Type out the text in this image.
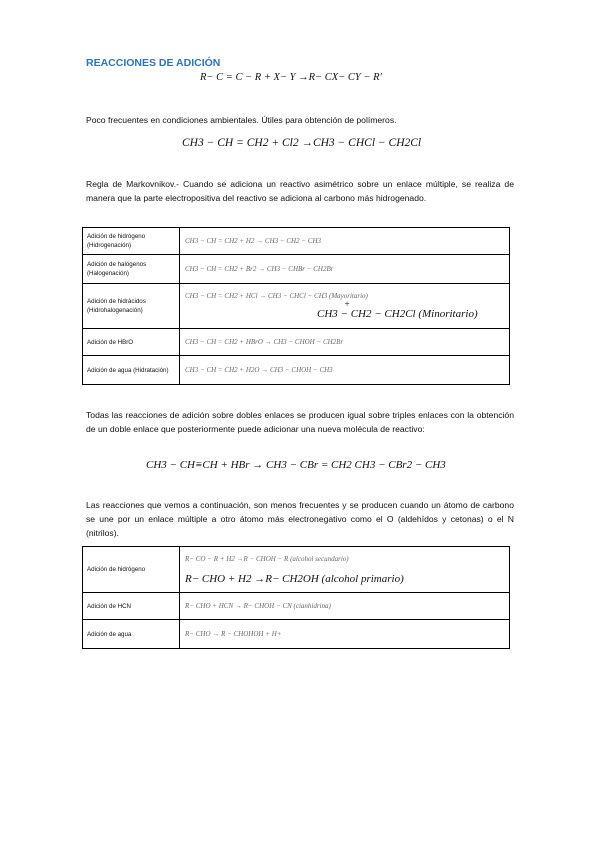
REACCIONES DE ADICIÓN
R− C = C − R + X− Y →R− CX− CY − R'
Poco frecuentes en condiciones ambientales. Útiles para obtención de polímeros.
CH3 − CH = CH2 + Cl2 →CH3 − CHCl − CH2Cl
Regla de Markovnikov.- Cuando se adiciona un reactivo asimétrico sobre un enlace múltiple, se realiza de manera que la parte electropositiva del reactivo se adiciona al carbono más hidrogenado.
Adición de hidrógeno (Hidrogenación)	CH3 − CH = CH2 + H2 → CH3 − CH2 − CH3
Adición de halógenos (Halogenación)	CH3 − CH = CH2 + Br2 → CH3 − CHBr − CH2Br
Adición de hidrácidos (Hidrohalogenación)	CH3 − CH = CH2 + HCl → CH3 − CHCl − CH3 (Mayoritario)
+
CH3 − CH2 − CH2Cl (Minoritario)

Adición de HBrO	CH3 − CH = CH2 + HBrO → CH3 − CHOH − CH2Br
Adición de agua (Hidratación)	CH3 − CH = CH2 + H2O → CH3 − CHOH − CH3
Todas las reacciones de adición sobre dobles enlaces se producen igual sobre triples enlaces con la obtención de un doble enlace que posteriormente puede adicionar una nueva molécula de reactivo:
CH3 − CH≡CH + HBr → CH3 − CBr = CH2 CH3 − CBr2 − CH3
Las reacciones que vemos a continuación, son menos frecuentes y se producen cuando un átomo de carbono se une por un enlace múltiple a otro átomo más electronegativo como el O (aldehídos y cetonas) o el N (nitrilos).
Adición de hidrógeno	R− CO − R + H2 →R − CHOH − R (alcohol secundario)
R− CHO + H2 →R− CH2OH (alcohol primario)

Adición de HCN	R− CHO + HCN → R− CHOH − CN (cianhidrina)
Adición de agua	R− CHO → R − CHOHOH + H+
